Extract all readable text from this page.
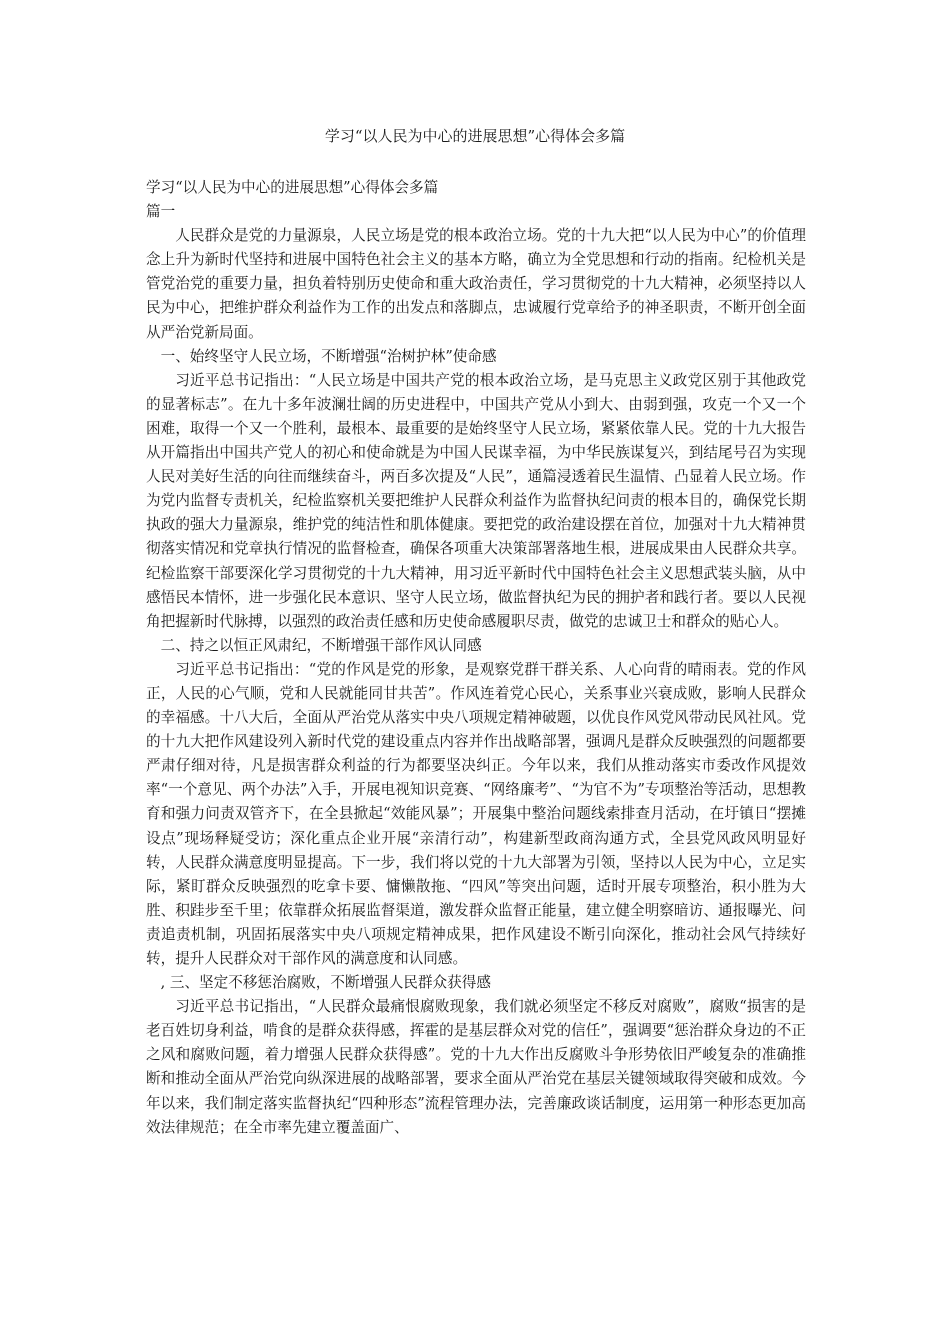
学习“以人民为中心的进展思想”心得体会多篇

学习“以人民为中心的进展思想”心得体会多篇

篇一

人民群众是党的力量源泉，人民立场是党的根本政治立场。党的十九大把“以人民为中心”的价值理念上升为新时代坚持和进展中国特色社会主义的基本方略，确立为全党思想和行动的指南。纪检机关是管党治党的重要力量，担负着特别历史使命和重大政治责任，学习贯彻党的十九大精神，必须坚持以人民为中心，把维护群众利益作为工作的出发点和落脚点，忠诚履行党章给予的神圣职责，不断开创全面从严治党新局面。

一、始终坚守人民立场，不断增强“治树护林”使命感

习近平总书记指出：“人民立场是中国共产党的根本政治立场，是马克思主义政党区别于其他政党的显著标志”。在九十多年波澜壮阔的历史进程中，中国共产党从小到大、由弱到强，攻克一个又一个困难，取得一个又一个胜利，最根本、最重要的是始终坚守人民立场，紧紧依靠人民。党的十九大报告从开篇指出中国共产党人的初心和使命就是为中国人民谋幸福，为中华民族谋复兴，到结尾号召为实现人民对美好生活的向往而继续奋斗，两百多次提及“人民”，通篇浸透着民生温情、凸显着人民立场。作为党内监督专责机关，纪检监察机关要把维护人民群众利益作为监督执纪问责的根本目的，确保党长期执政的强大力量源泉，维护党的纯洁性和肌体健康。要把党的政治建设摆在首位，加强对十九大精神贯彻落实情况和党章执行情况的监督检查，确保各项重大决策部署落地生根，进展成果由人民群众共享。纪检监察干部要深化学习贯彻党的十九大精神，用习近平新时代中国特色社会主义思想武装头脑，从中感悟民本情怀，进一步强化民本意识、坚守人民立场，做监督执纪为民的拥护者和践行者。要以人民视角把握新时代脉搏，以强烈的政治责任感和历史使命感履职尽责，做党的忠诚卫士和群众的贴心人。

二、持之以恒正风肃纪，不断增强干部作风认同感

习近平总书记指出：“党的作风是党的形象，是观察党群干群关系、人心向背的晴雨表。党的作风正，人民的心气顺，党和人民就能同甘共苦”。作风连着党心民心，关系事业兴衰成败，影响人民群众的幸福感。十八大后，全面从严治党从落实中央八项规定精神破题，以优良作风党风带动民风社风。党的十九大把作风建设列入新时代党的建设重点内容并作出战略部署，强调凡是群众反映强烈的问题都要严肃仔细对待，凡是损害群众利益的行为都要坚决纠正。今年以来，我们从推动落实市委改作风提效率“一个意见、两个办法”入手，开展电视知识竞赛、“网络廉考”、“为官不为”专项整治等活动，思想教育和强力问责双管齐下，在全县掀起“效能风暴”；开展集中整治问题线索排查月活动，在圩镇日“摆摊设点”现场释疑受访；深化重点企业开展“亲清行动”，构建新型政商沟通方式，全县党风政风明显好转，人民群众满意度明显提高。下一步，我们将以党的十九大部署为引领，坚持以人民为中心，立足实际，紧盯群众反映强烈的吃拿卡要、慵懒散拖、“四风”等突出问题，适时开展专项整治，积小胜为大胜、积跬步至千里；依靠群众拓展监督渠道，激发群众监督正能量，建立健全明察暗访、通报曝光、问责追责机制，巩固拓展落实中央八项规定精神成果，把作风建设不断引向深化，推动社会风气持续好转，提升人民群众对干部作风的满意度和认同感。

, 三、坚定不移惩治腐败，不断增强人民群众获得感

习近平总书记指出，“人民群众最痛恨腐败现象，我们就必须坚定不移反对腐败”，腐败“损害的是老百姓切身利益，啃食的是群众获得感，挥霍的是基层群众对党的信任”，强调要“惩治群众身边的不正之风和腐败问题，着力增强人民群众获得感”。党的十九大作出反腐败斗争形势依旧严峻复杂的准确推断和推动全面从严治党向纵深进展的战略部署，要求全面从严治党在基层关键领域取得突破和成效。今年以来，我们制定落实监督执纪“四种形态”流程管理办法，完善廉政谈话制度，运用第一种形态更加高效法律规范；在全市率先建立覆盖面广、
